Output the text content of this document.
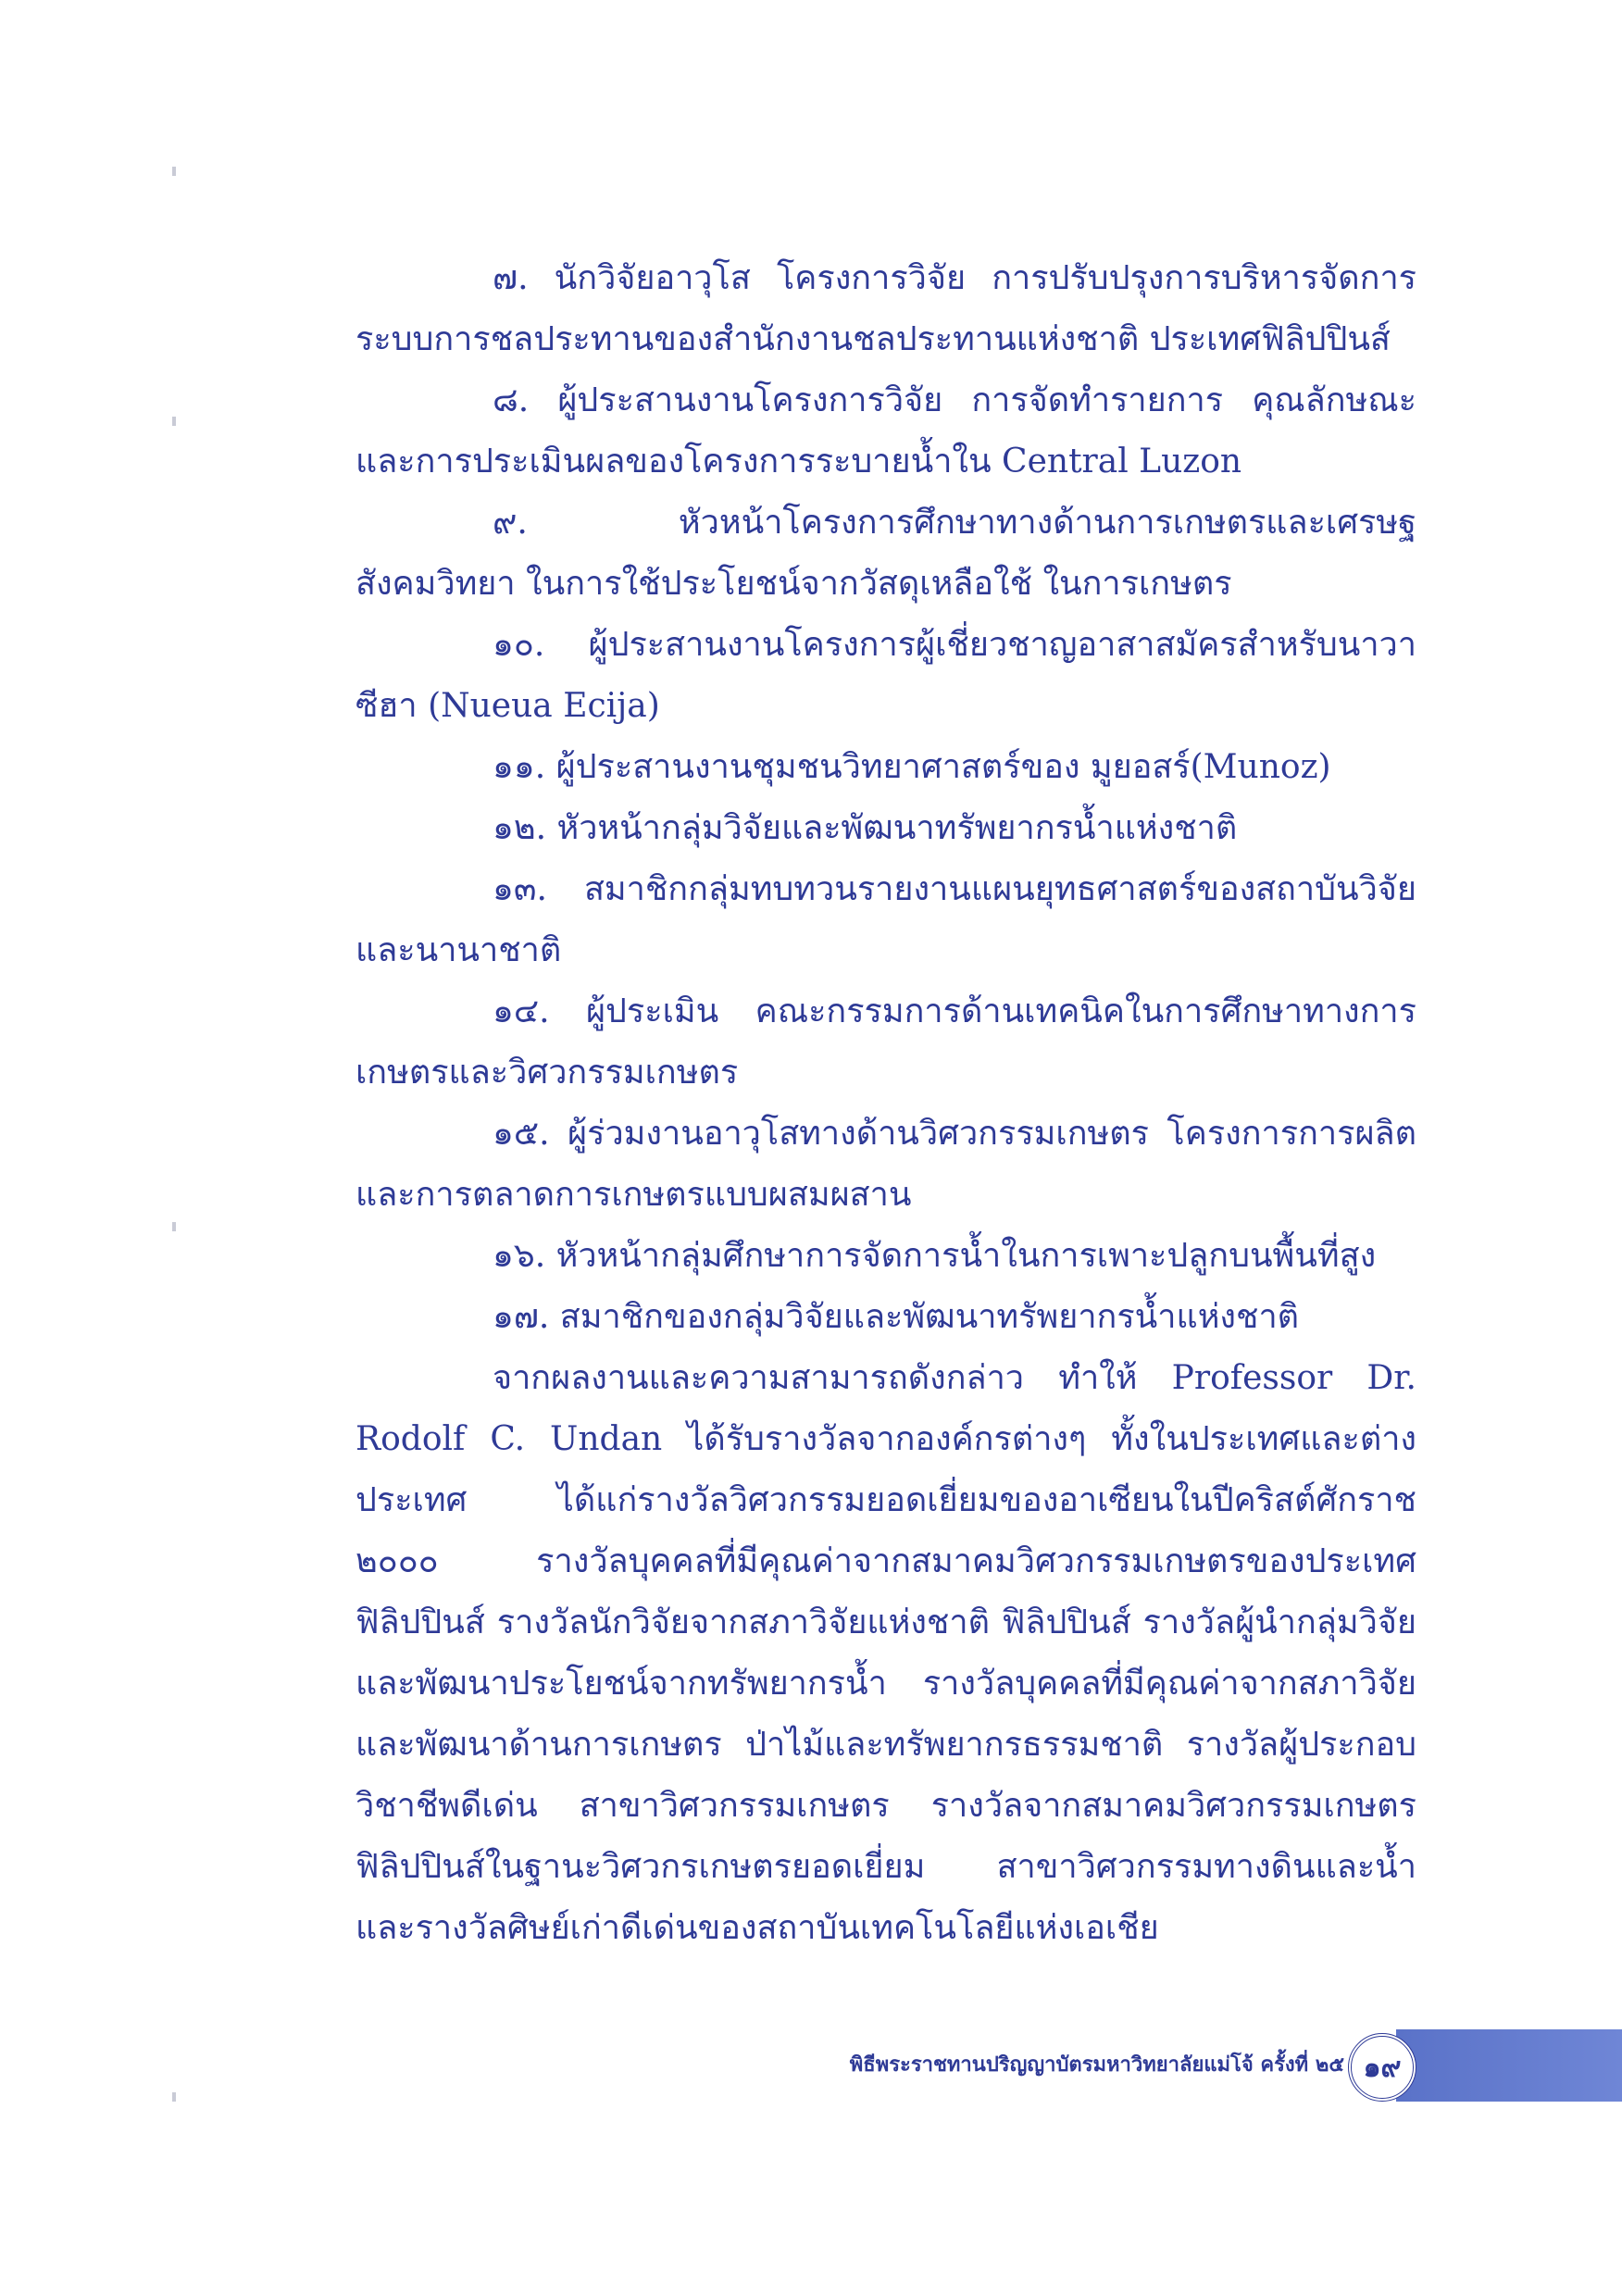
๗. นักวิจัยอาวุโส โครงการวิจัย การปรับปรุงการบริหารจัดการระบบการชลประทานของสำนักงานชลประทานแห่งชาติ ประเทศฟิลิปปินส์

๘. ผู้ประสานงานโครงการวิจัย การจัดทำรายการ คุณลักษณะและการประเมินผลของโครงการระบายน้ำใน Central Luzon

๙. หัวหน้าโครงการศึกษาทางด้านการเกษตรและเศรษฐสังคมวิทยา ในการใช้ประโยชน์จากวัสดุเหลือใช้ ในการเกษตร

๑๐. ผู้ประสานงานโครงการผู้เชี่ยวชาญอาสาสมัครสำหรับนาวา ซีฮา (Nueua Ecija)

๑๑. ผู้ประสานงานชุมชนวิทยาศาสตร์ของ มูยอสร์(Munoz)

๑๒. หัวหน้ากลุ่มวิจัยและพัฒนาทรัพยากรน้ำแห่งชาติ

๑๓. สมาชิกกลุ่มทบทวนรายงานแผนยุทธศาสตร์ของสถาบันวิจัยและนานาชาติ

๑๔. ผู้ประเมิน คณะกรรมการด้านเทคนิคในการศึกษาทางการเกษตรและวิศวกรรมเกษตร

๑๕. ผู้ร่วมงานอาวุโสทางด้านวิศวกรรมเกษตร โครงการการผลิตและการตลาดการเกษตรแบบผสมผสาน

๑๖. หัวหน้ากลุ่มศึกษาการจัดการน้ำในการเพาะปลูกบนพื้นที่สูง

๑๗. สมาชิกของกลุ่มวิจัยและพัฒนาทรัพยากรน้ำแห่งชาติ

จากผลงานและความสามารถดังกล่าว ทำให้ Professor Dr. Rodolf C. Undan ได้รับรางวัลจากองค์กรต่างๆ ทั้งในประเทศและต่างประเทศ ได้แก่รางวัลวิศวกรรมยอดเยี่ยมของอาเซียนในปีคริสต์ศักราช ๒๐๐๐ รางวัลบุคคลที่มีคุณค่าจากสมาคมวิศวกรรมเกษตรของประเทศฟิลิปปินส์ รางวัลนักวิจัยจากสภาวิจัยแห่งชาติ ฟิลิปปินส์ รางวัลผู้นำกลุ่มวิจัยและพัฒนาประโยชน์จากทรัพยากรน้ำ รางวัลบุคคลที่มีคุณค่าจากสภาวิจัยและพัฒนาด้านการเกษตร ป่าไม้และทรัพยากรธรรมชาติ รางวัลผู้ประกอบวิชาชีพดีเด่น สาขาวิศวกรรมเกษตร รางวัลจากสมาคมวิศวกรรมเกษตรฟิลิปปินส์ในฐานะวิศวกรเกษตรยอดเยี่ยม สาขาวิศวกรรมทางดินและน้ำ และรางวัลศิษย์เก่าดีเด่นของสถาบันเทคโนโลยีแห่งเอเชีย

พิธีพระราชทานปริญญาบัตรมหาวิทยาลัยแม่โจ้ ครั้งที่ ๒๕ ๑๙
